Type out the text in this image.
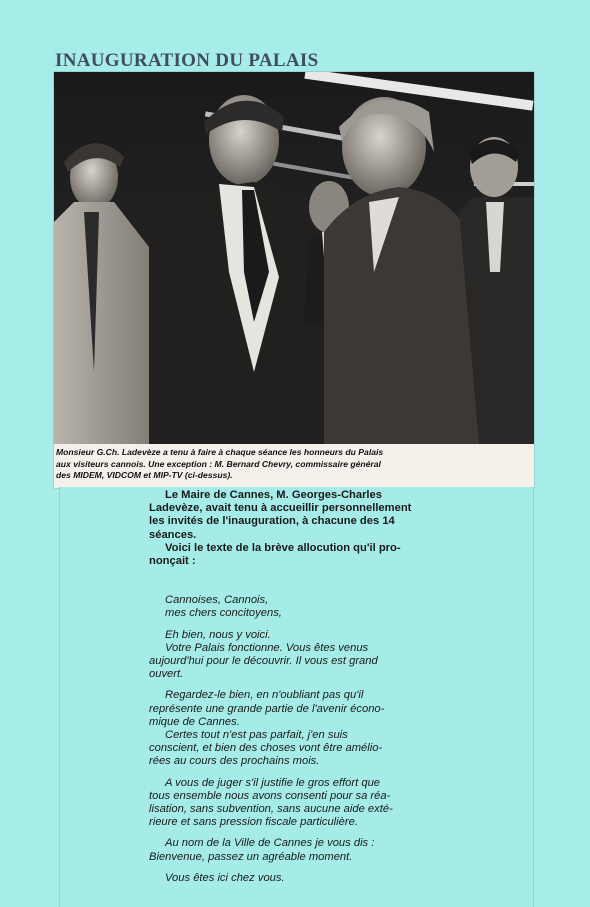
INAUGURATION DU PALAIS
Monsieur G.Ch. Ladevèze a tenu à faire à chaque séance les honneurs du Palais
aux visiteurs cannois. Une exception : M. Bernard Chevry, commissaire général
des MIDEM, VIDCOM et MIP-TV (ci-dessus).

Le Maire de Cannes, M. Georges-Charles

Ladevèze, avait tenu à accueillir personnellement

les invités de l'inauguration, à chacune des 14

séances.

Voici le texte de la brève allocution qu'il pro-

nonçait :

Cannoises, Cannois,

mes chers concitoyens,

Eh bien, nous y voici.

Votre Palais fonctionne. Vous êtes venus

aujourd'hui pour le découvrir. Il vous est grand

ouvert.

Regardez-le bien, en n'oubliant pas qu'il

représente une grande partie de l'avenir écono-

mique de Cannes.

Certes tout n'est pas parfait, j'en suis

conscient, et bien des choses vont être amélio-

rées au cours des prochains mois.

A vous de juger s'il justifie le gros effort que

tous ensemble nous avons consenti pour sa réa-

lisation, sans subvention, sans aucune aide exté-

rieure et sans pression fiscale particulière.

Au nom de la Ville de Cannes je vous dis :

Bienvenue, passez un agréable moment.

Vous êtes ici chez vous.
